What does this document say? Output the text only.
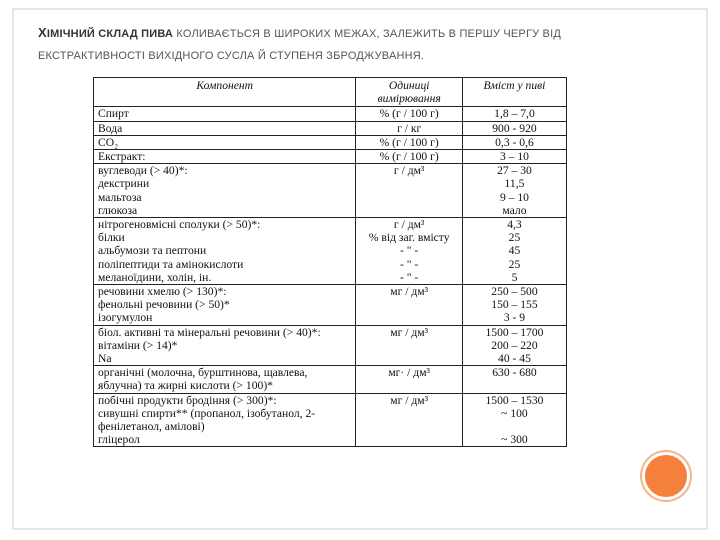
ХІМІЧНИЙ СКЛАД ПИВА КОЛИВАЄТЬСЯ В ШИРОКИХ МЕЖАХ, ЗАЛЕЖИТЬ В ПЕРШУ ЧЕРГУ ВІД
ЕКСТРАКТИВНОСТІ ВИХІДНОГО СУСЛА Й СТУПЕНЯ ЗБРОДЖУВАННЯ.
Компонент	Одиниці вимірювання	Вміст у пиві
Спирт	% (г / 100 г)	1,8 – 7,0
Вода	г / кг	900 - 920
CO₂	% (г / 100 г)	0,3 - 0,6
Екстракт:	% (г / 100 г)	3 – 10
вуглеводи (> 40)*:	г / дм³	27 – 30
декстрини		11,5
мальтоза		9 – 10
глюкоза		мало
нітрогеновмісні сполуки (> 50)*:	г / дм³	4,3
білки	% від заг. вмісту	25
альбумози та пептони	- " -	45
поліпептиди та амінокислоти	- " -	25
меланоїдини, холін, ін.	- " -	5
речовини хмелю (> 130)*:	мг / дм³	250 – 500
фенольні речовини (> 50)*		150 – 155
ізогумулон		3 - 9
біол. активні та мінеральні речовини (> 40)*:	мг / дм³	1500 – 1700
вітаміни (> 14)*		200 – 220
Na		40 - 45
органічні (молочна, бурштинова, щавлева, яблучна) та жирні кислоти (> 100)*	мг· / дм³	630 - 680
побічні продукти бродіння (> 300)*:	мг / дм³	1500 – 1530
сивушні спирти** (пропанол, ізобутанол, 2-фенілетанол, амілові)		~ 100
гліцерол		~ 300
